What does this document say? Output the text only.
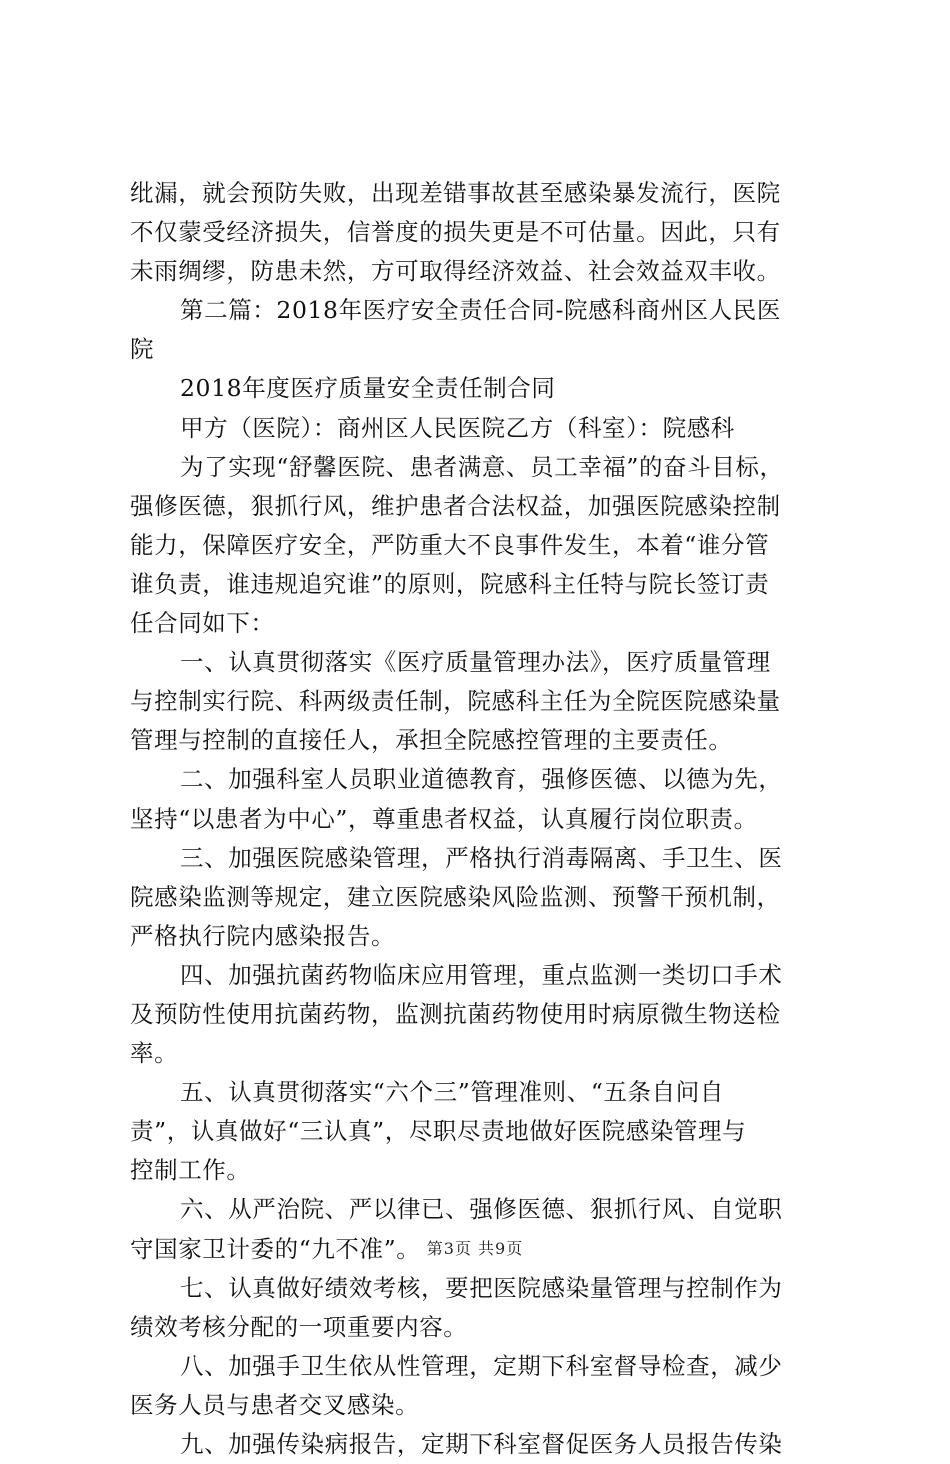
纰漏，就会预防失败，出现差错事故甚至感染暴发流行，医院
不仅蒙受经济损失，信誉度的损失更是不可估量。因此，只有
未雨绸缪，防患未然，方可取得经济效益、社会效益双丰收。
第二篇：2018年医疗安全责任合同-院感科商州区人民医
院
2018年度医疗质量安全责任制合同
甲方（医院）：商州区人民医院乙方（科室）：院感科
为了实现“舒馨医院、患者满意、员工幸福”的奋斗目标，
强修医德，狠抓行风，维护患者合法权益，加强医院感染控制
能力，保障医疗安全，严防重大不良事件发生，本着“谁分管
谁负责，谁违规追究谁”的原则，院感科主任特与院长签订责
任合同如下：
一、认真贯彻落实《医疗质量管理办法》，医疗质量管理
与控制实行院、科两级责任制，院感科主任为全院医院感染量
管理与控制的直接任人，承担全院感控管理的主要责任。
二、加强科室人员职业道德教育，强修医德、以德为先，
坚持“以患者为中心”，尊重患者权益，认真履行岗位职责。
三、加强医院感染管理，严格执行消毒隔离、手卫生、医
院感染监测等规定，建立医院感染风险监测、预警干预机制，
严格执行院内感染报告。
四、加强抗菌药物临床应用管理，重点监测一类切口手术
及预防性使用抗菌药物，监测抗菌药物使用时病原微生物送检
率。
五、认真贯彻落实“六个三”管理准则、“五条自问自
责”，认真做好“三认真”，尽职尽责地做好医院感染管理与
控制工作。
六、从严治院、严以律已、强修医德、狠抓行风、自觉职
守国家卫计委的“九不准”。
七、认真做好绩效考核，要把医院感染量管理与控制作为
绩效考核分配的一项重要内容。
八、加强手卫生依从性管理，定期下科室督导检查，减少
医务人员与患者交叉感染。
九、加强传染病报告，定期下科室督促医务人员报告传染
第3页 共9页
